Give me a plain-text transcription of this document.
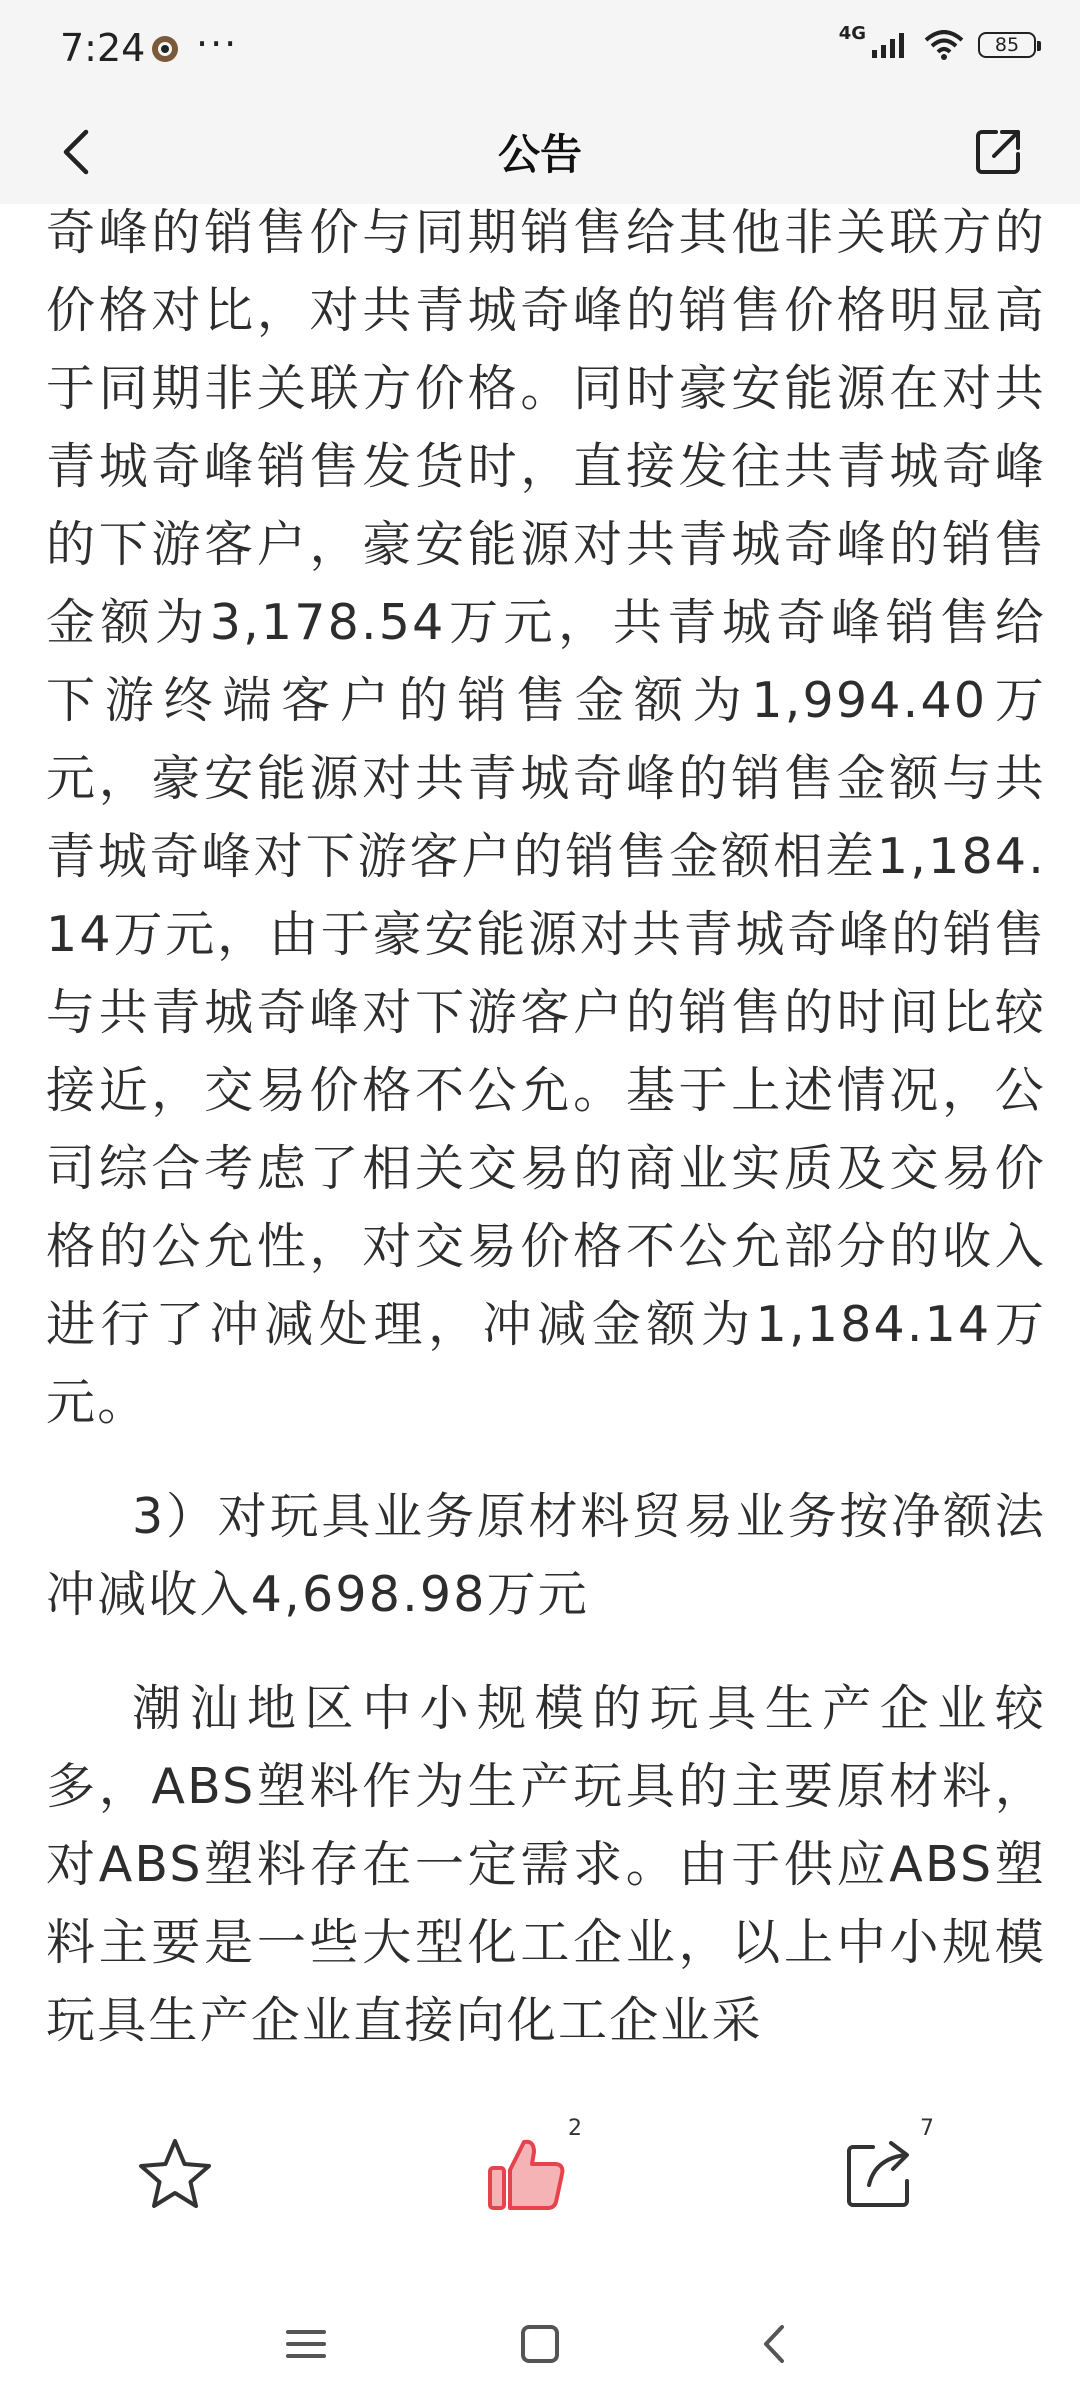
7:24 ···	4G
85
公告

奇峰的销售价与同期销售给其他非关联方的价格对比，对共青城奇峰的销售价格明显高于同期非关联方价格。同时豪安能源在对共青城奇峰销售发货时，直接发往共青城奇峰的下游客户，豪安能源对共青城奇峰的销售金额为3,178.54万元，共青城奇峰销售给下游终端客户的销售金额为1,994.40万元，豪安能源对共青城奇峰的销售金额与共青城奇峰对下游客户的销售金额相差1,184.14万元，由于豪安能源对共青城奇峰的销售与共青城奇峰对下游客户的销售的时间比较接近，交易价格不公允。基于上述情况，公司综合考虑了相关交易的商业实质及交易价格的公允性，对交易价格不公允部分的收入进行了冲减处理，冲减金额为1,184.14万元。

3）对玩具业务原材料贸易业务按净额法冲减收入4,698.98万元

潮汕地区中小规模的玩具生产企业较多，ABS塑料作为生产玩具的主要原材料，对ABS塑料存在一定需求。由于供应ABS塑料主要是一些大型化工企业，以上中小规模玩具生产企业直接向化工企业采

2	7
